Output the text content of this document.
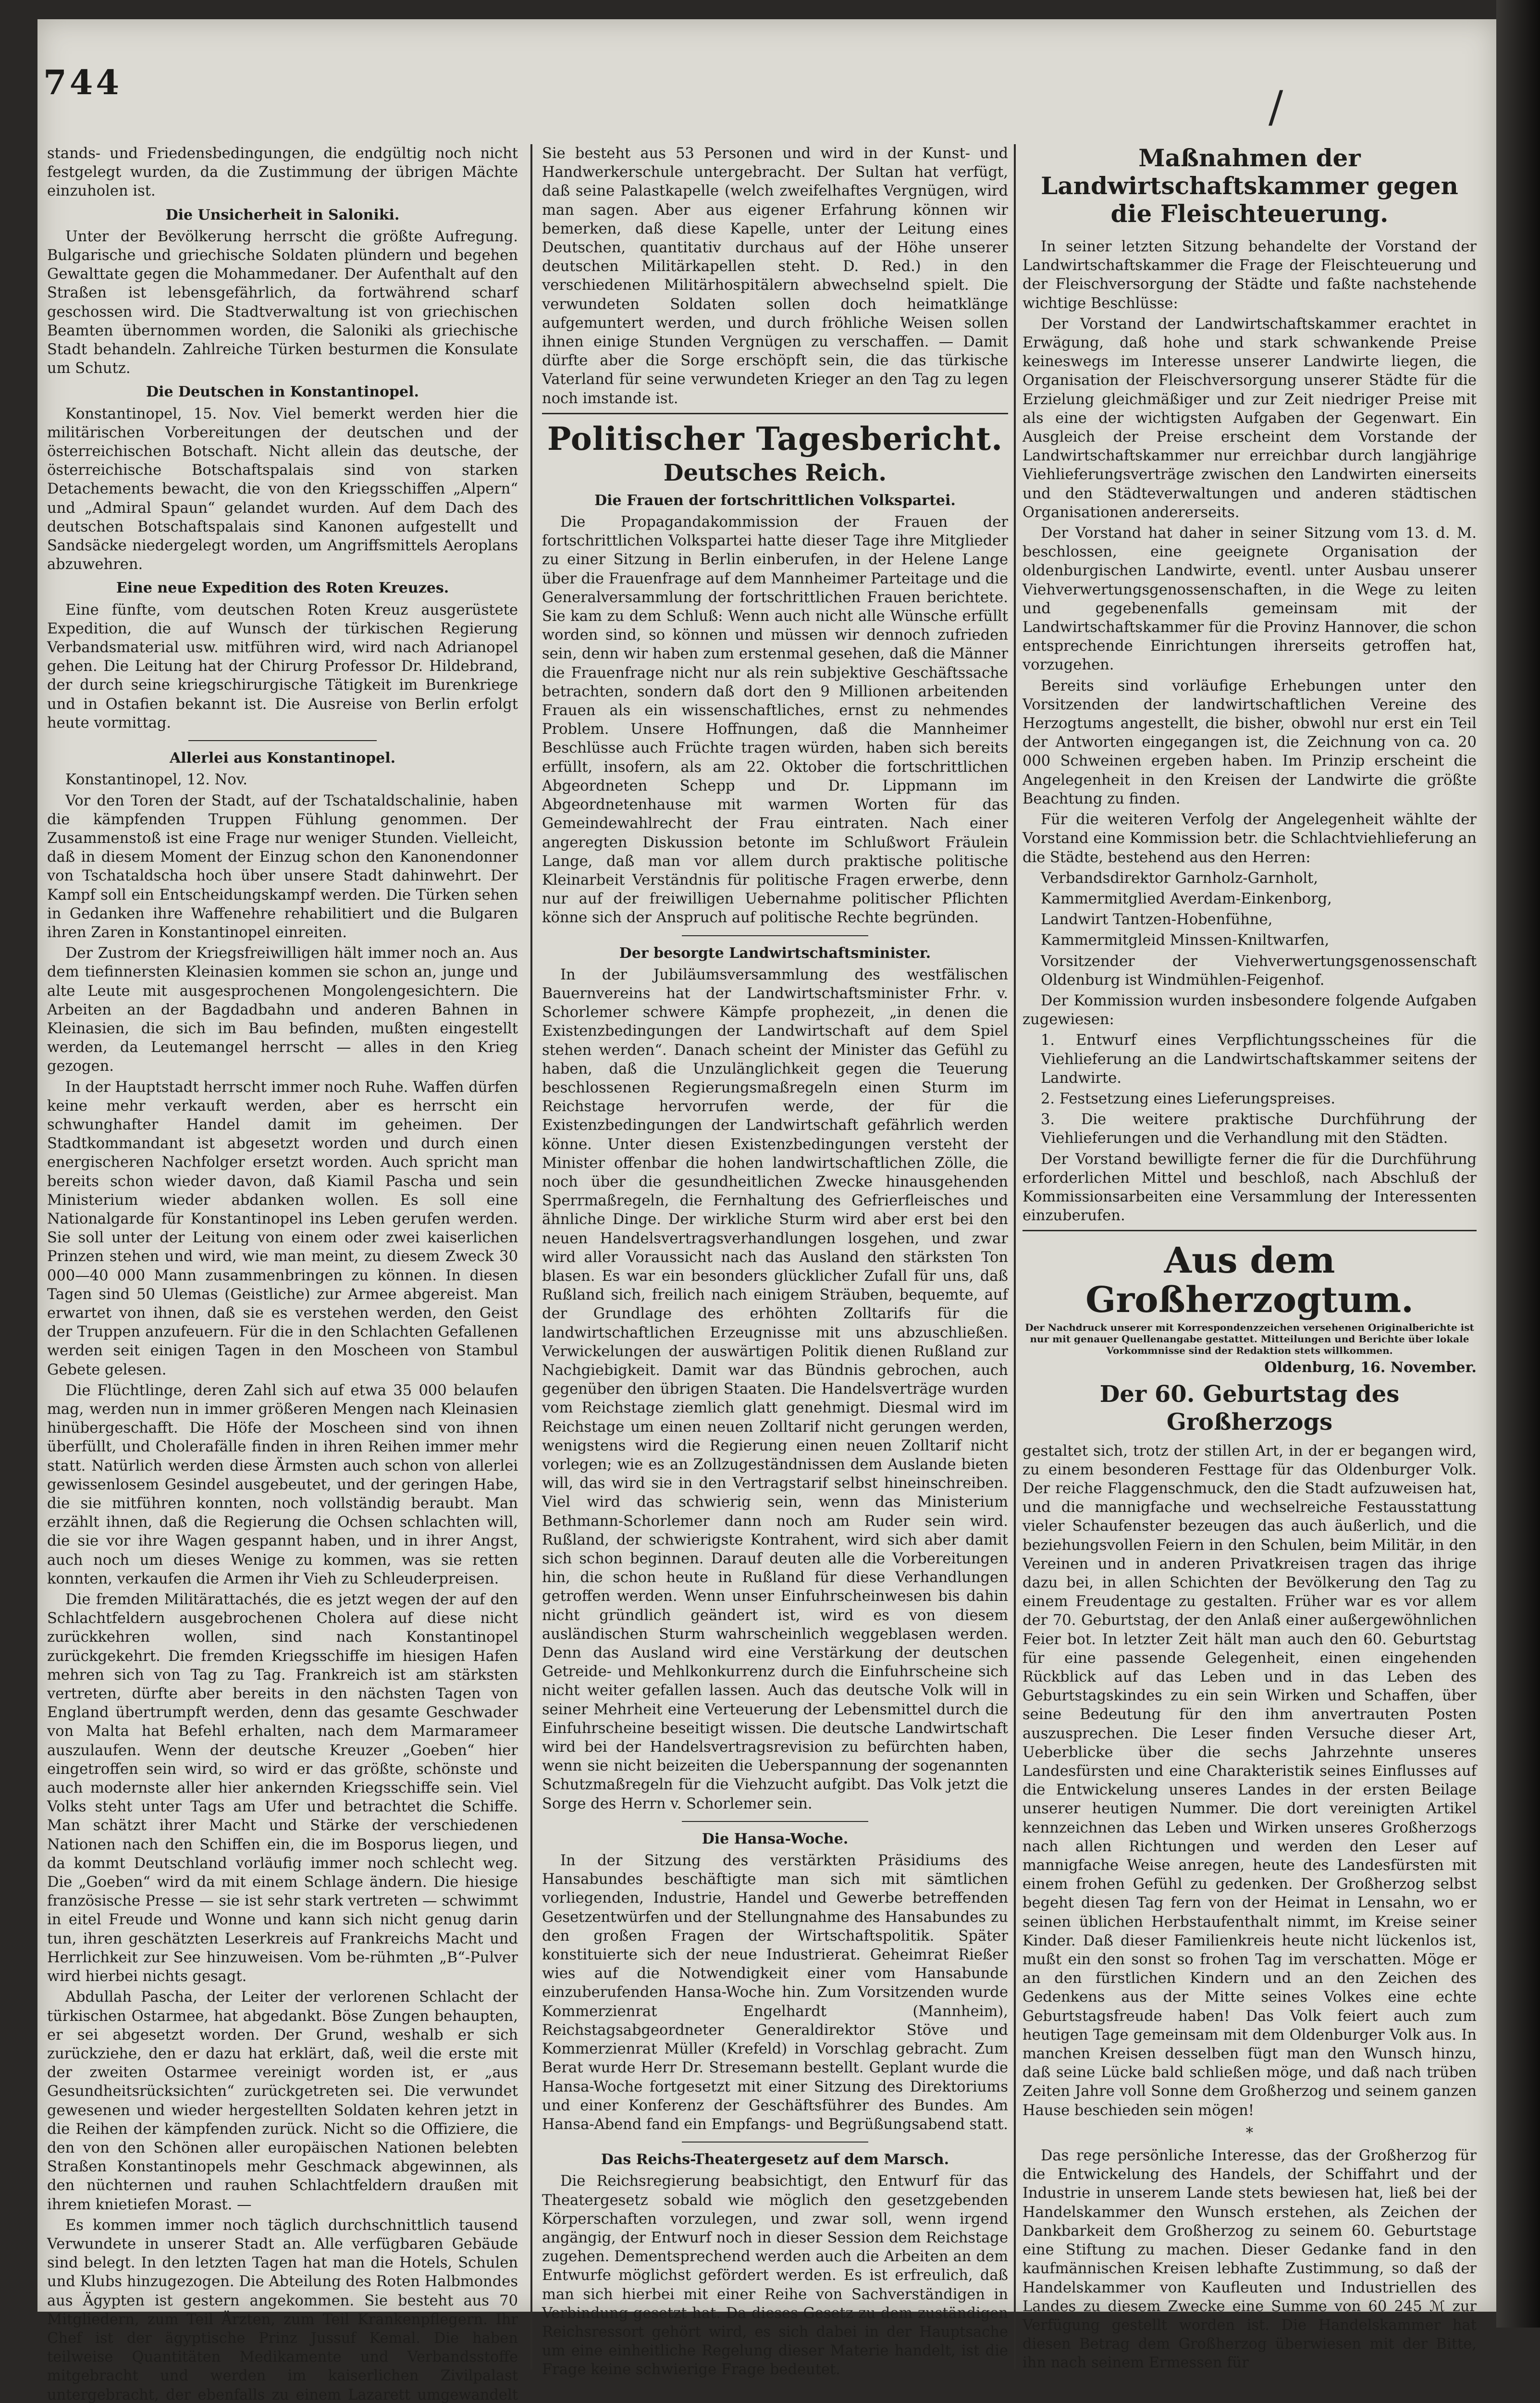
744	/

stands- und Friedensbedingungen, die endgültig noch nicht festgelegt wurden, da die Zustimmung der übrigen Mächte einzuholen ist.

Die Unsicherheit in Saloniki.

Unter der Bevölkerung herrscht die größte Aufregung. Bulgarische und griechische Soldaten plündern und begehen Gewalttate gegen die Mohammedaner. Der Aufenthalt auf den Straßen ist lebensgefährlich, da fortwährend scharf geschossen wird. Die Stadtverwaltung ist von griechischen Beamten übernommen worden, die Saloniki als griechische Stadt behandeln. Zahlreiche Türken besturmen die Konsulate um Schutz.

Die Deutschen in Konstantinopel.

Konstantinopel, 15. Nov. Viel bemerkt werden hier die militärischen Vorbereitungen der deutschen und der österreichischen Botschaft. Nicht allein das deutsche, der österreichische Botschaftspalais sind von starken Detachements bewacht, die von den Kriegsschiffen „Alpern“ und „Admiral Spaun“ gelandet wurden. Auf dem Dach des deutschen Botschaftspalais sind Kanonen aufgestellt und Sandsäcke niedergelegt worden, um Angriffsmittels Aeroplans abzuwehren.

Eine neue Expedition des Roten Kreuzes.

Eine fünfte, vom deutschen Roten Kreuz ausgerüstete Expedition, die auf Wunsch der türkischen Regierung Verbandsmaterial usw. mitführen wird, wird nach Adrianopel gehen. Die Leitung hat der Chirurg Professor Dr. Hildebrand, der durch seine kriegschirurgische Tätigkeit im Burenkriege und in Ostafien bekannt ist. Die Ausreise von Berlin erfolgt heute vormittag.

Allerlei aus Konstantinopel.

Konstantinopel, 12. Nov.

Vor den Toren der Stadt, auf der Tschataldschalinie, haben die kämpfenden Truppen Fühlung genommen. Der Zusammenstoß ist eine Frage nur weniger Stunden. Vielleicht, daß in diesem Moment der Einzug schon den Kanonendonner von Tschataldscha hoch über unsere Stadt dahinwehrt. Der Kampf soll ein Entscheidungskampf werden. Die Türken sehen in Gedanken ihre Waffenehre rehabilitiert und die Bulgaren ihren Zaren in Konstantinopel einreiten.

Der Zustrom der Kriegsfreiwilligen hält immer noch an. Aus dem tiefinnersten Kleinasien kommen sie schon an, junge und alte Leute mit ausgesprochenen Mongolengesichtern. Die Arbeiten an der Bagdadbahn und anderen Bahnen in Kleinasien, die sich im Bau befinden, mußten eingestellt werden, da Leutemangel herrscht — alles in den Krieg gezogen.

In der Hauptstadt herrscht immer noch Ruhe. Waffen dürfen keine mehr verkauft werden, aber es herrscht ein schwunghafter Handel damit im geheimen. Der Stadtkommandant ist abgesetzt worden und durch einen energischeren Nachfolger ersetzt worden. Auch spricht man bereits schon wieder davon, daß Kiamil Pascha und sein Ministerium wieder abdanken wollen. Es soll eine Nationalgarde für Konstantinopel ins Leben gerufen werden. Sie soll unter der Leitung von einem oder zwei kaiserlichen Prinzen stehen und wird, wie man meint, zu diesem Zweck 30 000—40 000 Mann zusammenbringen zu können. In diesen Tagen sind 50 Ulemas (Geistliche) zur Armee abgereist. Man erwartet von ihnen, daß sie es verstehen werden, den Geist der Truppen anzufeuern. Für die in den Schlachten Gefallenen werden seit einigen Tagen in den Moscheen von Stambul Gebete gelesen.

Die Flüchtlinge, deren Zahl sich auf etwa 35 000 belaufen mag, werden nun in immer größeren Mengen nach Kleinasien hinübergeschafft. Die Höfe der Moscheen sind von ihnen überfüllt, und Cholerafälle finden in ihren Reihen immer mehr statt. Natürlich werden diese Ärmsten auch schon von allerlei gewissenlosem Gesindel ausgebeutet, und der geringen Habe, die sie mitführen konnten, noch vollständig beraubt. Man erzählt ihnen, daß die Regierung die Ochsen schlachten will, die sie vor ihre Wagen gespannt haben, und in ihrer Angst, auch noch um dieses Wenige zu kommen, was sie retten konnten, verkaufen die Armen ihr Vieh zu Schleuderpreisen.

Die fremden Militärattachés, die es jetzt wegen der auf den Schlachtfeldern ausgebrochenen Cholera auf diese nicht zurückkehren wollen, sind nach Konstantinopel zurückgekehrt. Die fremden Kriegsschiffe im hiesigen Hafen mehren sich von Tag zu Tag. Frankreich ist am stärksten vertreten, dürfte aber bereits in den nächsten Tagen von England übertrumpft werden, denn das gesamte Geschwader von Malta hat Befehl erhalten, nach dem Marmarameer auszulaufen. Wenn der deutsche Kreuzer „Goeben“ hier eingetroffen sein wird, so wird er das größte, schönste und auch modernste aller hier ankernden Kriegsschiffe sein. Viel Volks steht unter Tags am Ufer und betrachtet die Schiffe. Man schätzt ihrer Macht und Stärke der verschiedenen Nationen nach den Schiffen ein, die im Bosporus liegen, und da kommt Deutschland vorläufig immer noch schlecht weg. Die „Goeben“ wird da mit einem Schlage ändern. Die hiesige französische Presse — sie ist sehr stark vertreten — schwimmt in eitel Freude und Wonne und kann sich nicht genug darin tun, ihren geschätzten Leserkreis auf Frankreichs Macht und Herrlichkeit zur See hinzuweisen. Vom be-rühmten „B“-Pulver wird hierbei nichts gesagt.

Abdullah Pascha, der Leiter der verlorenen Schlacht der türkischen Ostarmee, hat abgedankt. Böse Zungen behaupten, er sei abgesetzt worden. Der Grund, weshalb er sich zurückziehe, den er dazu hat erklärt, daß, weil die erste mit der zweiten Ostarmee vereinigt worden ist, er „aus Gesundheitsrücksichten“ zurückgetreten sei. Die verwundet gewesenen und wieder hergestellten Soldaten kehren jetzt in die Reihen der kämpfenden zurück. Nicht so die Offiziere, die den von den Schönen aller europäischen Nationen belebten Straßen Konstantinopels mehr Geschmack abgewinnen, als den nüchternen und rauhen Schlachtfeldern draußen mit ihrem knietiefen Morast. —

Es kommen immer noch täglich durchschnittlich tausend Verwundete in unserer Stadt an. Alle verfügbaren Gebäude sind belegt. In den letzten Tagen hat man die Hotels, Schulen und Klubs hinzugezogen. Die Abteilung des Roten Halbmondes aus Ägypten ist gestern angekommen. Sie besteht aus 70 Mitgliedern, zum Teil Ärzten, zum Teil Krankenpflegern. Ihr Chef ist der ägyptische Prinz Jussuf Kemal. Die haben teilweise Quantitäten Medikamente und Verbandsstoffe mitgebracht und werden im kaiserlichen Zivilpalast untergebracht, der ebenfalls zu einem Lazarett umgewandelt

Sie besteht aus 53 Personen und wird in der Kunst- und Handwerkerschule untergebracht. Der Sultan hat verfügt, daß seine Palastkapelle (welch zweifelhaftes Vergnügen, wird man sagen. Aber aus eigener Erfahrung können wir bemerken, daß diese Kapelle, unter der Leitung eines Deutschen, quantitativ durchaus auf der Höhe unserer deutschen Militärkapellen steht. D. Red.) in den verschiedenen Militärhospitälern abwechselnd spielt. Die verwundeten Soldaten sollen doch heimatklänge aufgemuntert werden, und durch fröhliche Weisen sollen ihnen einige Stunden Vergnügen zu verschaffen. — Damit dürfte aber die Sorge erschöpft sein, die das türkische Vaterland für seine verwundeten Krieger an den Tag zu legen noch imstande ist.

Politischer Tagesbericht.
Deutsches Reich.
Die Frauen der fortschrittlichen Volkspartei.

Die Propagandakommission der Frauen der fortschrittlichen Volkspartei hatte dieser Tage ihre Mitglieder zu einer Sitzung in Berlin einberufen, in der Helene Lange über die Frauenfrage auf dem Mannheimer Parteitage und die Generalversammlung der fortschrittlichen Frauen berichtete. Sie kam zu dem Schluß: Wenn auch nicht alle Wünsche erfüllt worden sind, so können und müssen wir dennoch zufrieden sein, denn wir haben zum erstenmal gesehen, daß die Männer die Frauenfrage nicht nur als rein subjektive Geschäftssache betrachten, sondern daß dort den 9 Millionen arbeitenden Frauen als ein wissenschaftliches, ernst zu nehmendes Problem. Unsere Hoffnungen, daß die Mannheimer Beschlüsse auch Früchte tragen würden, haben sich bereits erfüllt, insofern, als am 22. Oktober die fortschrittlichen Abgeordneten Schepp und Dr. Lippmann im Abgeordnetenhause mit warmen Worten für das Gemeindewahlrecht der Frau eintraten. Nach einer angeregten Diskussion betonte im Schlußwort Fräulein Lange, daß man vor allem durch praktische politische Kleinarbeit Verständnis für politische Fragen erwerbe, denn nur auf der freiwilligen Uebernahme politischer Pflichten könne sich der Anspruch auf politische Rechte begründen.

Der besorgte Landwirtschaftsminister.

In der Jubiläumsversammlung des westfälischen Bauernvereins hat der Landwirtschaftsminister Frhr. v. Schorlemer schwere Kämpfe prophezeit, „in denen die Existenzbedingungen der Landwirtschaft auf dem Spiel stehen werden“. Danach scheint der Minister das Gefühl zu haben, daß die Unzulänglichkeit gegen die Teuerung beschlossenen Regierungsmaßregeln einen Sturm im Reichstage hervorrufen werde, der für die Existenzbedingungen der Landwirtschaft gefährlich werden könne. Unter diesen Existenzbedingungen versteht der Minister offenbar die hohen landwirtschaftlichen Zölle, die noch über die gesundheitlichen Zwecke hinausgehenden Sperrmaßregeln, die Fernhaltung des Gefrierfleisches und ähnliche Dinge. Der wirkliche Sturm wird aber erst bei den neuen Handelsvertragsverhandlungen losgehen, und zwar wird aller Voraussicht nach das Ausland den stärksten Ton blasen. Es war ein besonders glücklicher Zufall für uns, daß Rußland sich, freilich nach einigem Sträuben, bequemte, auf der Grundlage des erhöhten Zolltarifs für die landwirtschaftlichen Erzeugnisse mit uns abzuschließen. Verwickelungen der auswärtigen Politik dienen Rußland zur Nachgiebigkeit. Damit war das Bündnis gebrochen, auch gegenüber den übrigen Staaten. Die Handelsverträge wurden vom Reichstage ziemlich glatt genehmigt. Diesmal wird im Reichstage um einen neuen Zolltarif nicht gerungen werden, wenigstens wird die Regierung einen neuen Zolltarif nicht vorlegen; wie es an Zollzugeständnissen dem Auslande bieten will, das wird sie in den Vertragstarif selbst hineinschreiben. Viel wird das schwierig sein, wenn das Ministerium Bethmann-Schorlemer dann noch am Ruder sein wird. Rußland, der schwierigste Kontrahent, wird sich aber damit sich schon beginnen. Darauf deuten alle die Vorbereitungen hin, die schon heute in Rußland für diese Verhandlungen getroffen werden. Wenn unser Einfuhrscheinwesen bis dahin nicht gründlich geändert ist, wird es von diesem ausländischen Sturm wahrscheinlich weggeblasen werden. Denn das Ausland wird eine Verstärkung der deutschen Getreide- und Mehlkonkurrenz durch die Einfuhrscheine sich nicht weiter gefallen lassen. Auch das deutsche Volk will in seiner Mehrheit eine Verteuerung der Lebensmittel durch die Einfuhrscheine beseitigt wissen. Die deutsche Landwirtschaft wird bei der Handelsvertragsrevision zu befürchten haben, wenn sie nicht beizeiten die Ueberspannung der sogenannten Schutzmaßregeln für die Viehzucht aufgibt. Das Volk jetzt die Sorge des Herrn v. Schorlemer sein.

Die Hansa-Woche.

In der Sitzung des verstärkten Präsidiums des Hansabundes beschäftigte man sich mit sämtlichen vorliegenden, Industrie, Handel und Gewerbe betreffenden Gesetzentwürfen und der Stellungnahme des Hansabundes zu den großen Fragen der Wirtschaftspolitik. Später konstituierte sich der neue Industrierat. Geheimrat Rießer wies auf die Notwendigkeit einer vom Hansabunde einzuberufenden Hansa-Woche hin. Zum Vorsitzenden wurde Kommerzienrat Engelhardt (Mannheim), Reichstagsabgeordneter Generaldirektor Stöve und Kommerzienrat Müller (Krefeld) in Vorschlag gebracht. Zum Berat wurde Herr Dr. Stresemann bestellt. Geplant wurde die Hansa-Woche fortgesetzt mit einer Sitzung des Direktoriums und einer Konferenz der Geschäftsführer des Bundes. Am Hansa-Abend fand ein Empfangs- und Begrüßungsabend statt.

Das Reichs-Theatergesetz auf dem Marsch.

Die Reichsregierung beabsichtigt, den Entwurf für das Theatergesetz sobald wie möglich den gesetzgebenden Körperschaften vorzulegen, und zwar soll, wenn irgend angängig, der Entwurf noch in dieser Session dem Reichstage zugehen. Dementsprechend werden auch die Arbeiten an dem Entwurfe möglichst gefördert werden. Es ist erfreulich, daß man sich hierbei mit einer Reihe von Sachverständigen in Verbindung gesetzt hat. Da dieses Gesetz zu dem zuständigen Reichsressort gehört wird, es sich dabei in der Hauptsache um eine einheitliche Regelung dieser Materie handelt, ist die Frage keine schwierige Frage bedeutet.

Maßnahmen der Landwirtschaftskammer gegen die Fleischteuerung.

In seiner letzten Sitzung behandelte der Vorstand der Landwirtschaftskammer die Frage der Fleischteuerung und der Fleischversorgung der Städte und faßte nachstehende wichtige Beschlüsse:

Der Vorstand der Landwirtschaftskammer erachtet in Erwägung, daß hohe und stark schwankende Preise keineswegs im Interesse unserer Landwirte liegen, die Organisation der Fleischversorgung unserer Städte für die Erzielung gleichmäßiger und zur Zeit niedriger Preise mit als eine der wichtigsten Aufgaben der Gegenwart. Ein Ausgleich der Preise erscheint dem Vorstande der Landwirtschaftskammer nur erreichbar durch langjährige Viehlieferungsverträge zwischen den Landwirten einerseits und den Städteverwaltungen und anderen städtischen Organisationen andererseits.

Der Vorstand hat daher in seiner Sitzung vom 13. d. M. beschlossen, eine geeignete Organisation der oldenburgischen Landwirte, eventl. unter Ausbau unserer Viehverwertungsgenossenschaften, in die Wege zu leiten und gegebenenfalls gemeinsam mit der Landwirtschaftskammer für die Provinz Hannover, die schon entsprechende Einrichtungen ihrerseits getroffen hat, vorzugehen.

Bereits sind vorläufige Erhebungen unter den Vorsitzenden der landwirtschaftlichen Vereine des Herzogtums angestellt, die bisher, obwohl nur erst ein Teil der Antworten eingegangen ist, die Zeichnung von ca. 20 000 Schweinen ergeben haben. Im Prinzip erscheint die Angelegenheit in den Kreisen der Landwirte die größte Beachtung zu finden.

Für die weiteren Verfolg der Angelegenheit wählte der Vorstand eine Kommission betr. die Schlachtviehlieferung an die Städte, bestehend aus den Herren:

Verbandsdirektor Garnholz-Garnholt,

Kammermitglied Averdam-Einkenborg,

Landwirt Tantzen-Hobenfühne,

Kammermitgleid Minssen-Kniltwarfen,

Vorsitzender der Viehverwertungsgenossenschaft Oldenburg ist Windmühlen-Feigenhof.

Der Kommission wurden insbesondere folgende Aufgaben zugewiesen:

1. Entwurf eines Verpflichtungsscheines für die Viehlieferung an die Landwirtschaftskammer seitens der Landwirte.

2. Festsetzung eines Lieferungspreises.

3. Die weitere praktische Durchführung der Viehlieferungen und die Verhandlung mit den Städten.

Der Vorstand bewilligte ferner die für die Durchführung erforderlichen Mittel und beschloß, nach Abschluß der Kommissionsarbeiten eine Versammlung der Interessenten einzuberufen.

Aus dem Großherzogtum.
Der Nachdruck unserer mit Korrespondenzzeichen versehenen Originalberichte ist nur mit genauer Quellenangabe gestattet. Mitteilungen und Berichte über lokale Vorkommnisse sind der Redaktion stets willkommen.
Oldenburg, 16. November.
Der 60. Geburtstag des Großherzogs

gestaltet sich, trotz der stillen Art, in der er begangen wird, zu einem besonderen Festtage für das Oldenburger Volk. Der reiche Flaggenschmuck, den die Stadt aufzuweisen hat, und die mannigfache und wechselreiche Festausstattung vieler Schaufenster bezeugen das auch äußerlich, und die beziehungsvollen Feiern in den Schulen, beim Militär, in den Vereinen und in anderen Privatkreisen tragen das ihrige dazu bei, in allen Schichten der Bevölkerung den Tag zu einem Freudentage zu gestalten. Früher war es vor allem der 70. Geburtstag, der den Anlaß einer außergewöhnlichen Feier bot. In letzter Zeit hält man auch den 60. Geburtstag für eine passende Gelegenheit, einen eingehenden Rückblick auf das Leben und in das Leben des Geburtstagskindes zu ein sein Wirken und Schaffen, über seine Bedeutung für den ihm anvertrauten Posten auszusprechen. Die Leser finden Versuche dieser Art, Ueberblicke über die sechs Jahrzehnte unseres Landesfürsten und eine Charakteristik seines Einflusses auf die Entwickelung unseres Landes in der ersten Beilage unserer heutigen Nummer. Die dort vereinigten Artikel kennzeichnen das Leben und Wirken unseres Großherzogs nach allen Richtungen und werden den Leser auf mannigfache Weise anregen, heute des Landesfürsten mit einem frohen Gefühl zu gedenken. Der Großherzog selbst begeht diesen Tag fern von der Heimat in Lensahn, wo er seinen üblichen Herbstaufenthalt nimmt, im Kreise seiner Kinder. Daß dieser Familienkreis heute nicht lückenlos ist, mußt ein den sonst so frohen Tag im verschatten. Möge er an den fürstlichen Kindern und an den Zeichen des Gedenkens aus der Mitte seines Volkes eine echte Geburtstagsfreude haben! Das Volk feiert auch zum heutigen Tage gemeinsam mit dem Oldenburger Volk aus. In manchen Kreisen desselben fügt man den Wunsch hinzu, daß seine Lücke bald schließen möge, und daß nach trüben Zeiten Jahre voll Sonne dem Großherzog und seinem ganzen Hause beschieden sein mögen!

*

Das rege persönliche Interesse, das der Großherzog für die Entwickelung des Handels, der Schiffahrt und der Industrie in unserem Lande stets bewiesen hat, ließ bei der Handelskammer den Wunsch erstehen, als Zeichen der Dankbarkeit dem Großherzog zu seinem 60. Geburtstage eine Stiftung zu machen. Dieser Gedanke fand in den kaufmännischen Kreisen lebhafte Zustimmung, so daß der Handelskammer von Kaufleuten und Industriellen des Landes zu diesem Zwecke eine Summe von 60 245 ℳ zur Verfügung gestellt worden ist. Die Handelskammer hat diesen Betrag dem Großherzog überwiesen mit der Bitte, ihn nach seinem Ermessen für
